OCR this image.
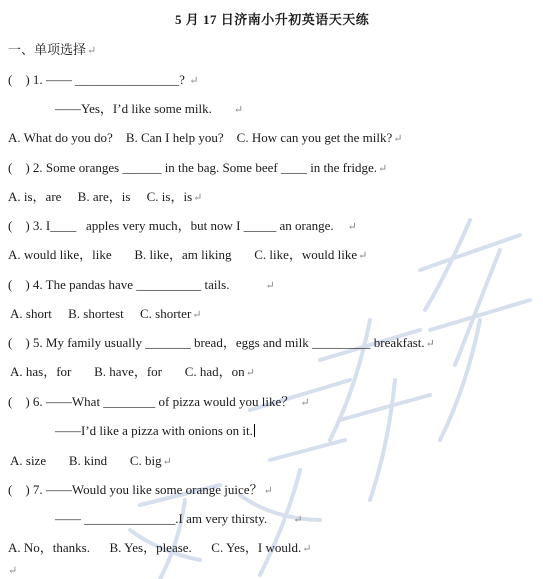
5 月 17 日济南小升初英语天天练
一、单项选择↵
(    ) 1. —— ________________? ↵
——Yes，I’d like some milk. ↵
A. What do you do?    B. Can I help you?    C. How can you get the milk?↵
(    ) 2. Some oranges ______ in the bag. Some beef ____ in the fridge.↵
A. is，are     B. are，is     C. is，is↵
(    ) 3. I____   apples very much，but now I _____ an orange. ↵
A. would like，like       B. like，am liking       C. like，would like↵
(    ) 4. The pandas have __________ tails.	↵
A. short     B. shortest     C. shorter↵
(    ) 5. My family usually _______ bread，eggs and milk _________ breakfast.↵
A. has，for       B. have，for       C. had，on↵
(    ) 6. ——What ________ of pizza would you like？ ↵
——I’d like a pizza with onions on it.
A. size       B. kind       C. big↵
(    ) 7. ——Would you like some orange juice？↵
—— ______________.I am very thirsty. ↵
A. No，thanks.      B. Yes，please.      C. Yes，I would.↵
↵
